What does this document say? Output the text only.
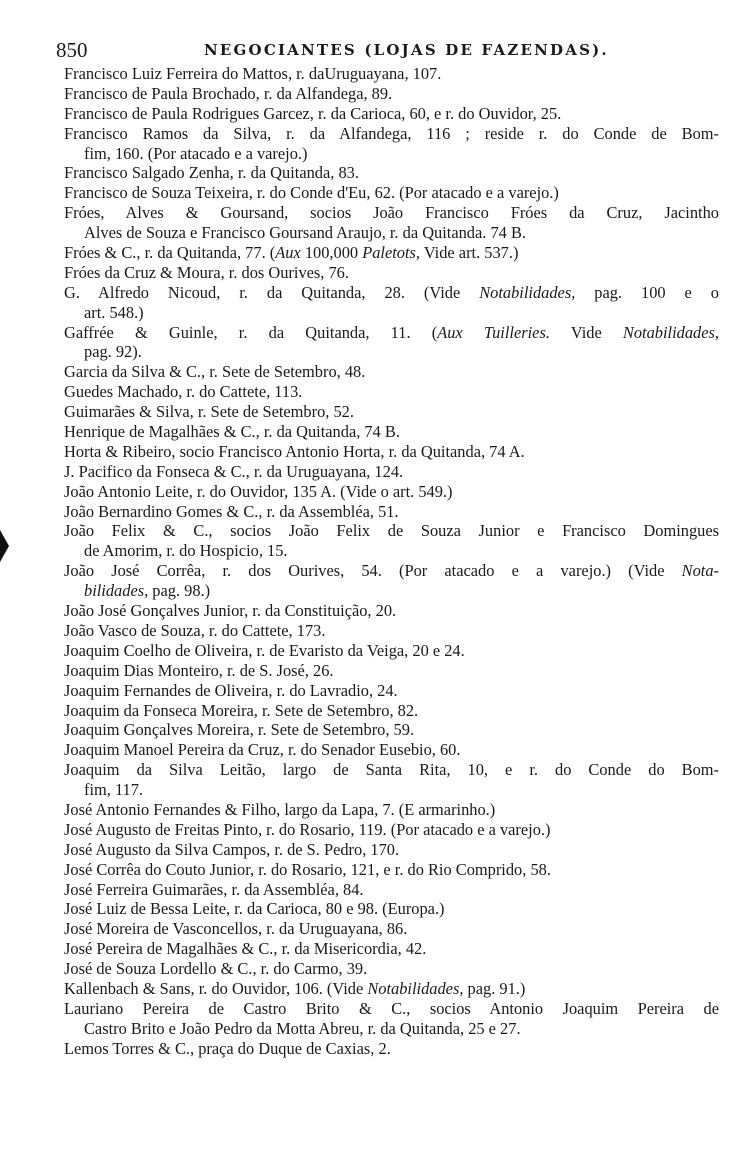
850	NEGOCIANTES (LOJAS DE FAZENDAS).
Francisco Luiz Ferreira do Mattos, r. daUruguayana, 107.
Francisco de Paula Brochado, r. da Alfandega, 89.
Francisco de Paula Rodrigues Garcez, r. da Carioca, 60, e r. do Ouvidor, 25.
Francisco Ramos da Silva, r. da Alfandega, 116 ; reside r. do Conde de Bom-
fim, 160. (Por atacado e a varejo.)
Francisco Salgado Zenha, r. da Quitanda, 83.
Francisco de Souza Teixeira, r. do Conde d'Eu, 62. (Por atacado e a varejo.)
Fróes, Alves & Goursand, socios João Francisco Fróes da Cruz, Jacintho
Alves de Souza e Francisco Goursand Araujo, r. da Quitanda. 74 B.
Fróes & C., r. da Quitanda, 77. (Aux 100,000 Paletots, Vide art. 537.)
Fróes da Cruz & Moura, r. dos Ourives, 76.
G. Alfredo Nicoud, r. da Quitanda, 28. (Vide Notabilidades, pag. 100 e o
art. 548.)
Gaffrée & Guinle, r. da Quitanda, 11. (Aux Tuilleries. Vide Notabilidades,
pag. 92).
Garcia da Silva & C., r. Sete de Setembro, 48.
Guedes Machado, r. do Cattete, 113.
Guimarães & Silva, r. Sete de Setembro, 52.
Henrique de Magalhães & C., r. da Quitanda, 74 B.
Horta & Ribeiro, socio Francisco Antonio Horta, r. da Quitanda, 74 A.
J. Pacifico da Fonseca & C., r. da Uruguayana, 124.
João Antonio Leite, r. do Ouvidor, 135 A. (Vide o art. 549.)
João Bernardino Gomes & C., r. da Assembléa, 51.
João Felix & C., socios João Felix de Souza Junior e Francisco Domingues
de Amorim, r. do Hospicio, 15.
João José Corrêa, r. dos Ourives, 54. (Por atacado e a varejo.) (Vide Nota-
bilidades, pag. 98.)
João José Gonçalves Junior, r. da Constituição, 20.
João Vasco de Souza, r. do Cattete, 173.
Joaquim Coelho de Oliveira, r. de Evaristo da Veiga, 20 e 24.
Joaquim Dias Monteiro, r. de S. José, 26.
Joaquim Fernandes de Oliveira, r. do Lavradio, 24.
Joaquim da Fonseca Moreira, r. Sete de Setembro, 82.
Joaquim Gonçalves Moreira, r. Sete de Setembro, 59.
Joaquim Manoel Pereira da Cruz, r. do Senador Eusebio, 60.
Joaquim da Silva Leitão, largo de Santa Rita, 10, e r. do Conde do Bom-
fim, 117.
José Antonio Fernandes & Filho, largo da Lapa, 7. (E armarinho.)
José Augusto de Freitas Pinto, r. do Rosario, 119. (Por atacado e a varejo.)
José Augusto da Silva Campos, r. de S. Pedro, 170.
José Corrêa do Couto Junior, r. do Rosario, 121, e r. do Rio Comprido, 58.
José Ferreira Guimarães, r. da Assembléa, 84.
José Luiz de Bessa Leite, r. da Carioca, 80 e 98. (Europa.)
José Moreira de Vasconcellos, r. da Uruguayana, 86.
José Pereira de Magalhães & C., r. da Misericordia, 42.
José de Souza Lordello & C., r. do Carmo, 39.
Kallenbach & Sans, r. do Ouvidor, 106. (Vide Notabilidades, pag. 91.)
Lauriano Pereira de Castro Brito & C., socios Antonio Joaquim Pereira de
Castro Brito e João Pedro da Motta Abreu, r. da Quitanda, 25 e 27.
Lemos Torres & C., praça do Duque de Caxias, 2.
